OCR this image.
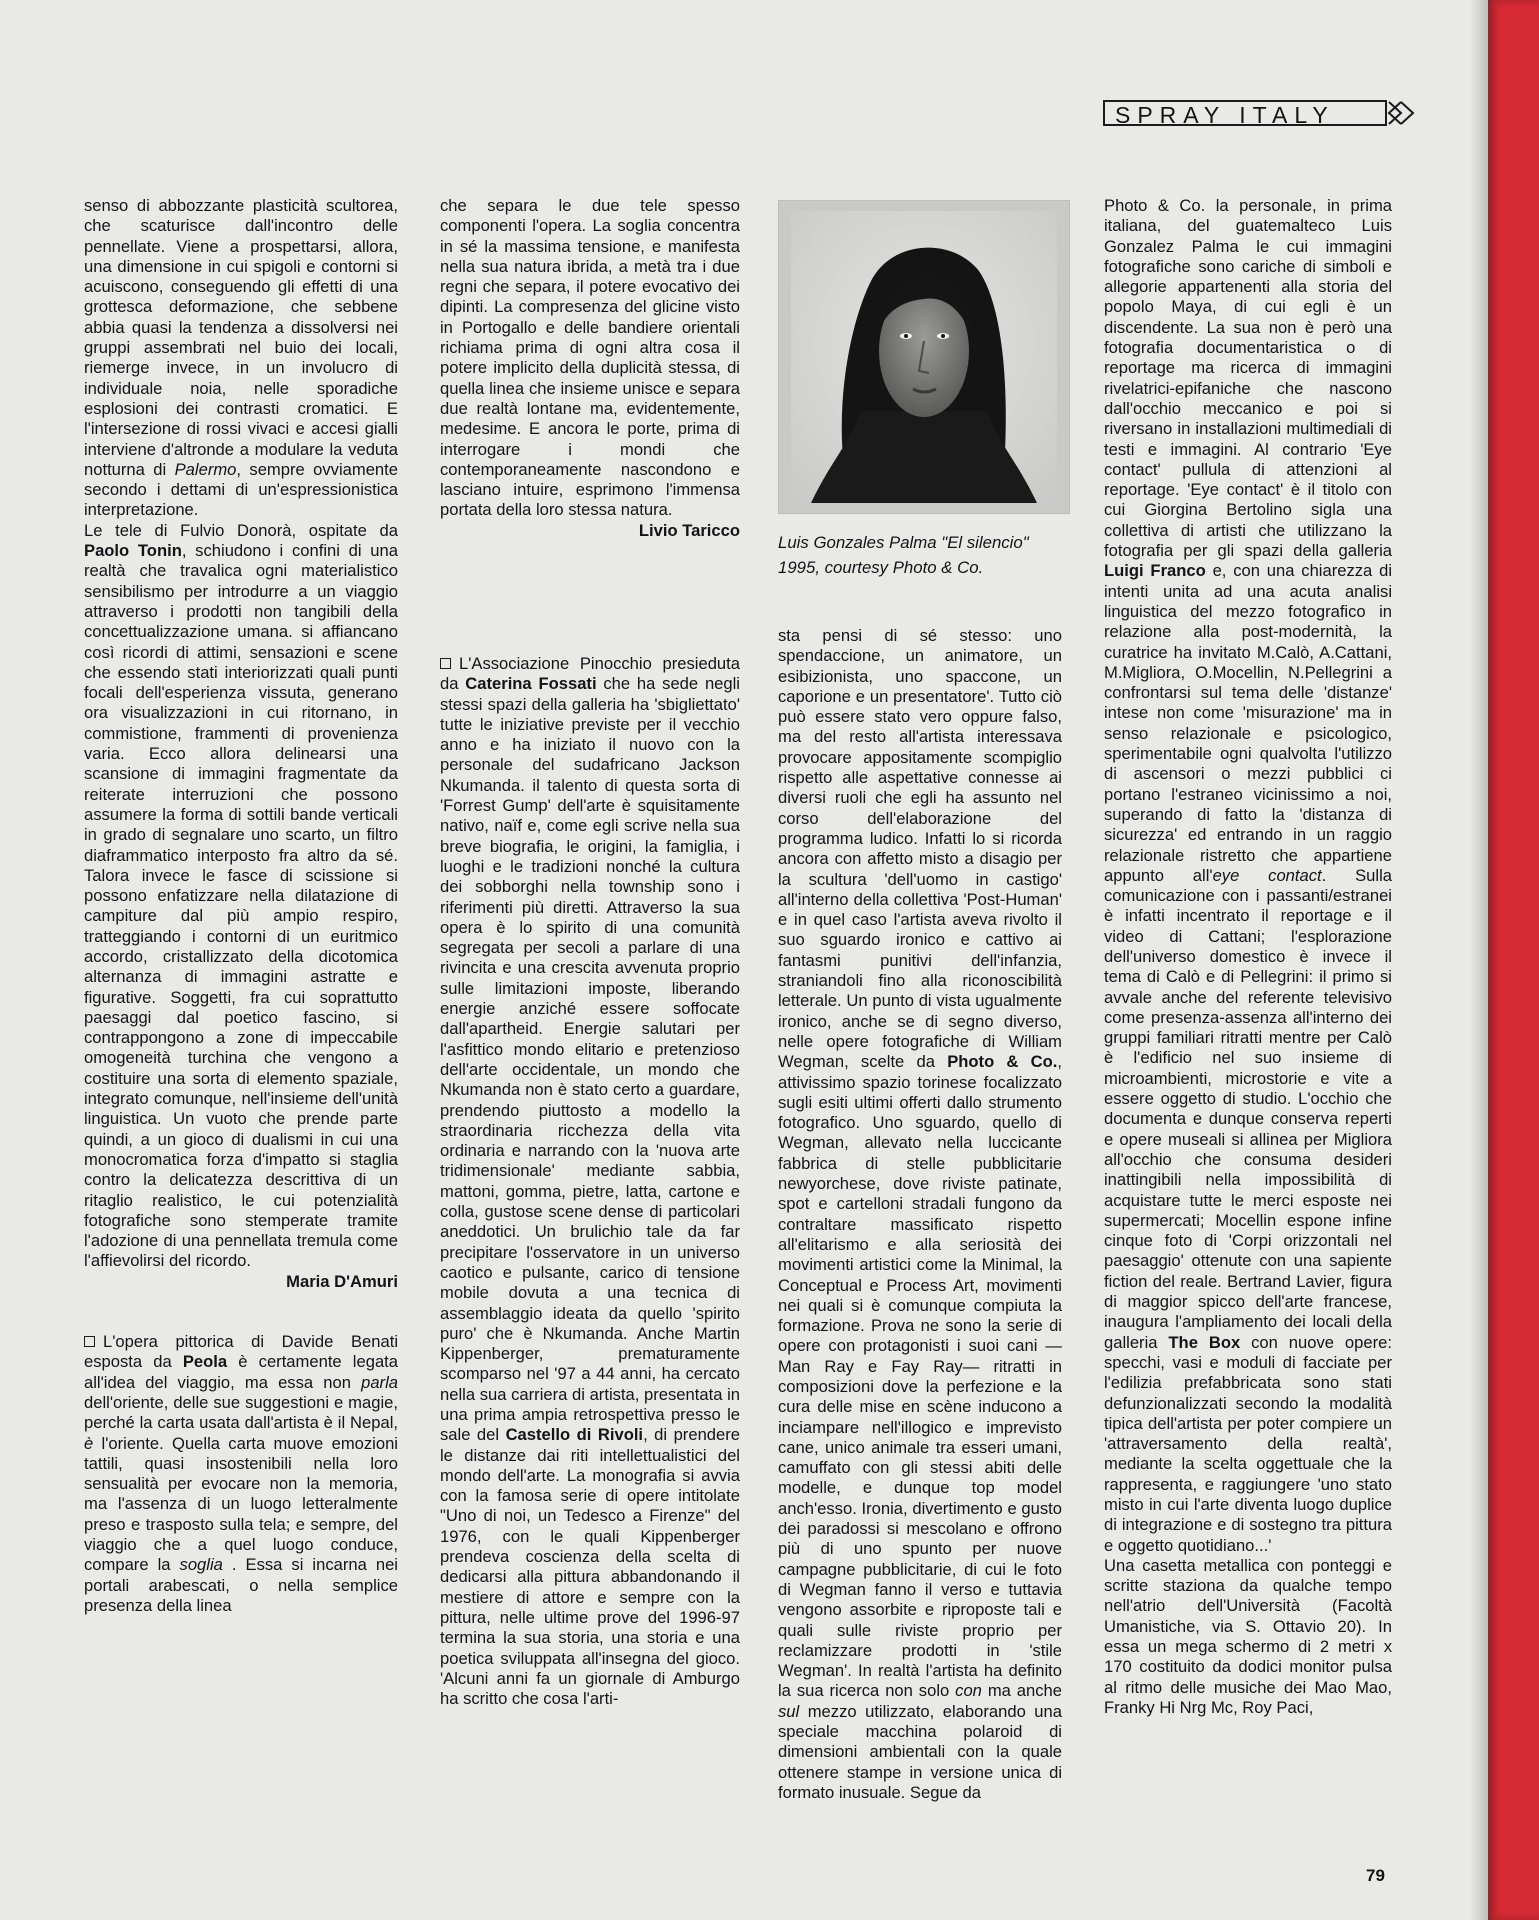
SPRAY ITALY

senso di abbozzante plasticità scultorea, che scaturisce dall'incontro delle pennellate. Viene a prospettarsi, allora, una dimensione in cui spigoli e contorni si acuiscono, conseguendo gli effetti di una grottesca deformazione, che sebbene abbia quasi la tendenza a dissolversi nei gruppi assembrati nel buio dei locali, riemerge invece, in un involucro di individuale noia, nelle sporadiche esplosioni dei contrasti cromatici. E l'intersezione di rossi vivaci e accesi gialli interviene d'altronde a modulare la veduta notturna di Palermo, sempre ovviamente secondo i dettami di un'espressionistica interpretazione.

Le tele di Fulvio Donorà, ospitate da Paolo Tonin, schiudono i confini di una realtà che travalica ogni materialistico sensibilismo per introdurre a un viaggio attraverso i prodotti non tangibili della concettualizzazione umana. si affiancano così ricordi di attimi, sensazioni e scene che essendo stati interiorizzati quali punti focali dell'esperienza vissuta, generano ora visualizzazioni in cui ritornano, in commistione, frammenti di provenienza varia. Ecco allora delinearsi una scansione di immagini fragmentate da reiterate interruzioni che possono assumere la forma di sottili bande verticali in grado di segnalare uno scarto, un filtro diaframmatico interposto fra altro da sé. Talora invece le fasce di scissione si possono enfatizzare nella dilatazione di campiture dal più ampio respiro, tratteggiando i contorni di un euritmico accordo, cristallizzato della dicotomica alternanza di immagini astratte e figurative. Soggetti, fra cui soprattutto paesaggi dal poetico fascino, si contrappongono a zone di impeccabile omogeneità turchina che vengono a costituire una sorta di elemento spaziale, integrato comunque, nell'insieme dell'unità linguistica. Un vuoto che prende parte quindi, a un gioco di dualismi in cui una monocromatica forza d'impatto si staglia contro la delicatezza descrittiva di un ritaglio realistico, le cui potenzialità fotografiche sono stemperate tramite l'adozione di una pennellata tremula come l'affievolirsi del ricordo.

Maria D'Amuri

L'opera pittorica di Davide Benati esposta da Peola è certamente legata all'idea del viaggio, ma essa non parla dell'oriente, delle sue suggestioni e magie, perché la carta usata dall'artista è il Nepal, è l'oriente. Quella carta muove emozioni tattili, quasi insostenibili nella loro sensualità per evocare non la memoria, ma l'assenza di un luogo letteralmente preso e trasposto sulla tela; e sempre, del viaggio che a quel luogo conduce, compare la soglia . Essa si incarna nei portali arabescati, o nella semplice presenza della linea

che separa le due tele spesso componenti l'opera. La soglia concentra in sé la massima tensione, e manifesta nella sua natura ibrida, a metà tra i due regni che separa, il potere evocativo dei dipinti. La compresenza del glicine visto in Portogallo e delle bandiere orientali richiama prima di ogni altra cosa il potere implicito della duplicità stessa, di quella linea che insieme unisce e separa due realtà lontane ma, evidentemente, medesime. E ancora le porte, prima di interrogare i mondi che contemporaneamente nascondono e lasciano intuire, esprimono l'immensa portata della loro stessa natura.

Livio Taricco

L'Associazione Pinocchio presieduta da Caterina Fossati che ha sede negli stessi spazi della galleria ha 'sbigliettato' tutte le iniziative previste per il vecchio anno e ha iniziato il nuovo con la personale del sudafricano Jackson Nkumanda. il talento di questa sorta di 'Forrest Gump' dell'arte è squisitamente nativo, naïf e, come egli scrive nella sua breve biografia, le origini, la famiglia, i luoghi e le tradizioni nonché la cultura dei sobborghi nella township sono i riferimenti più diretti. Attraverso la sua opera è lo spirito di una comunità segregata per secoli a parlare di una rivincita e una crescita avvenuta proprio sulle limitazioni imposte, liberando energie anziché essere soffocate dall'apartheid. Energie salutari per l'asfittico mondo elitario e pretenzioso dell'arte occidentale, un mondo che Nkumanda non è stato certo a guardare, prendendo piuttosto a modello la straordinaria ricchezza della vita ordinaria e narrando con la 'nuova arte tridimensionale' mediante sabbia, mattoni, gomma, pietre, latta, cartone e colla, gustose scene dense di particolari aneddotici. Un brulichio tale da far precipitare l'osservatore in un universo caotico e pulsante, carico di tensione mobile dovuta a una tecnica di assemblaggio ideata da quello 'spirito puro' che è Nkumanda. Anche Martin Kippenberger, prematuramente scomparso nel '97 a 44 anni, ha cercato nella sua carriera di artista, presentata in una prima ampia retrospettiva presso le sale del Castello di Rivoli, di prendere le distanze dai riti intellettualistici del mondo dell'arte. La monografia si avvia con la famosa serie di opere intitolate "Uno di noi, un Tedesco a Firenze" del 1976, con le quali Kippenberger prendeva coscienza della scelta di dedicarsi alla pittura abbandonando il mestiere di attore e sempre con la pittura, nelle ultime prove del 1996-97 termina la sua storia, una storia e una poetica sviluppata all'insegna del gioco. 'Alcuni anni fa un giornale di Amburgo ha scritto che cosa l'arti-

Luis Gonzales Palma "El silencio" 1995, courtesy Photo & Co.

sta pensi di sé stesso: uno spendaccione, un animatore, un esibizionista, uno spaccone, un caporione e un presentatore'. Tutto ciò può essere stato vero oppure falso, ma del resto all'artista interessava provocare appositamente scompiglio rispetto alle aspettative connesse ai diversi ruoli che egli ha assunto nel corso dell'elaborazione del programma ludico. Infatti lo si ricorda ancora con affetto misto a disagio per la scultura 'dell'uomo in castigo' all'interno della collettiva 'Post-Human' e in quel caso l'artista aveva rivolto il suo sguardo ironico e cattivo ai fantasmi punitivi dell'infanzia, straniandoli fino alla riconoscibilità letterale. Un punto di vista ugualmente ironico, anche se di segno diverso, nelle opere fotografiche di William Wegman, scelte da Photo & Co., attivissimo spazio torinese focalizzato sugli esiti ultimi offerti dallo strumento fotografico. Uno sguardo, quello di Wegman, allevato nella luccicante fabbrica di stelle pubblicitarie newyorchese, dove riviste patinate, spot e cartelloni stradali fungono da contraltare massificato rispetto all'elitarismo e alla seriosità dei movimenti artistici come la Minimal, la Conceptual e Process Art, movimenti nei quali si è comunque compiuta la formazione. Prova ne sono la serie di opere con protagonisti i suoi cani —Man Ray e Fay Ray— ritratti in composizioni dove la perfezione e la cura delle mise en scène inducono a inciampare nell'illogico e imprevisto cane, unico animale tra esseri umani, camuffato con gli stessi abiti delle modelle, e dunque top model anch'esso. Ironia, divertimento e gusto dei paradossi si mescolano e offrono più di uno spunto per nuove campagne pubblicitarie, di cui le foto di Wegman fanno il verso e tuttavia vengono assorbite e riproposte tali e quali sulle riviste proprio per reclamizzare prodotti in 'stile Wegman'. In realtà l'artista ha definito la sua ricerca non solo con ma anche sul mezzo utilizzato, elaborando una speciale macchina polaroid di dimensioni ambientali con la quale ottenere stampe in versione unica di formato inusuale. Segue da

Photo & Co. la personale, in prima italiana, del guatemalteco Luis Gonzalez Palma le cui immagini fotografiche sono cariche di simboli e allegorie appartenenti alla storia del popolo Maya, di cui egli è un discendente. La sua non è però una fotografia documentaristica o di reportage ma ricerca di immagini rivelatrici-epifaniche che nascono dall'occhio meccanico e poi si riversano in installazioni multimediali di testi e immagini. Al contrario 'Eye contact' pullula di attenzioni al reportage. 'Eye contact' è il titolo con cui Giorgina Bertolino sigla una collettiva di artisti che utilizzano la fotografia per gli spazi della galleria Luigi Franco e, con una chiarezza di intenti unita ad una acuta analisi linguistica del mezzo fotografico in relazione alla post-modernità, la curatrice ha invitato M.Calò, A.Cattani, M.Migliora, O.Mocellin, N.Pellegrini a confrontarsi sul tema delle 'distanze' intese non come 'misurazione' ma in senso relazionale e psicologico, sperimentabile ogni qualvolta l'utilizzo di ascensori o mezzi pubblici ci portano l'estraneo vicinissimo a noi, superando di fatto la 'distanza di sicurezza' ed entrando in un raggio relazionale ristretto che appartiene appunto all'eye contact. Sulla comunicazione con i passanti/estranei è infatti incentrato il reportage e il video di Cattani; l'esplorazione dell'universo domestico è invece il tema di Calò e di Pellegrini: il primo si avvale anche del referente televisivo come presenza-assenza all'interno dei gruppi familiari ritratti mentre per Calò è l'edificio nel suo insieme di microambienti, microstorie e vite a essere oggetto di studio. L'occhio che documenta e dunque conserva reperti e opere museali si allinea per Migliora all'occhio che consuma desideri inattingibili nella impossibilità di acquistare tutte le merci esposte nei supermercati; Mocellin espone infine cinque foto di 'Corpi orizzontali nel paesaggio' ottenute con una sapiente fiction del reale. Bertrand Lavier, figura di maggior spicco dell'arte francese, inaugura l'ampliamento dei locali della galleria The Box con nuove opere: specchi, vasi e moduli di facciate per l'edilizia prefabbricata sono stati defunzionalizzati secondo la modalità tipica dell'artista per poter compiere un 'attraversamento della realtà', mediante la scelta oggettuale che la rappresenta, e raggiungere 'uno stato misto in cui l'arte diventa luogo duplice di integrazione e di sostegno tra pittura e oggetto quotidiano...'

Una casetta metallica con ponteggi e scritte staziona da qualche tempo nell'atrio dell'Università (Facoltà Umanistiche, via S. Ottavio 20). In essa un mega schermo di 2 metri x 170 costituito da dodici monitor pulsa al ritmo delle musiche dei Mao Mao, Franky Hi Nrg Mc, Roy Paci,

79
